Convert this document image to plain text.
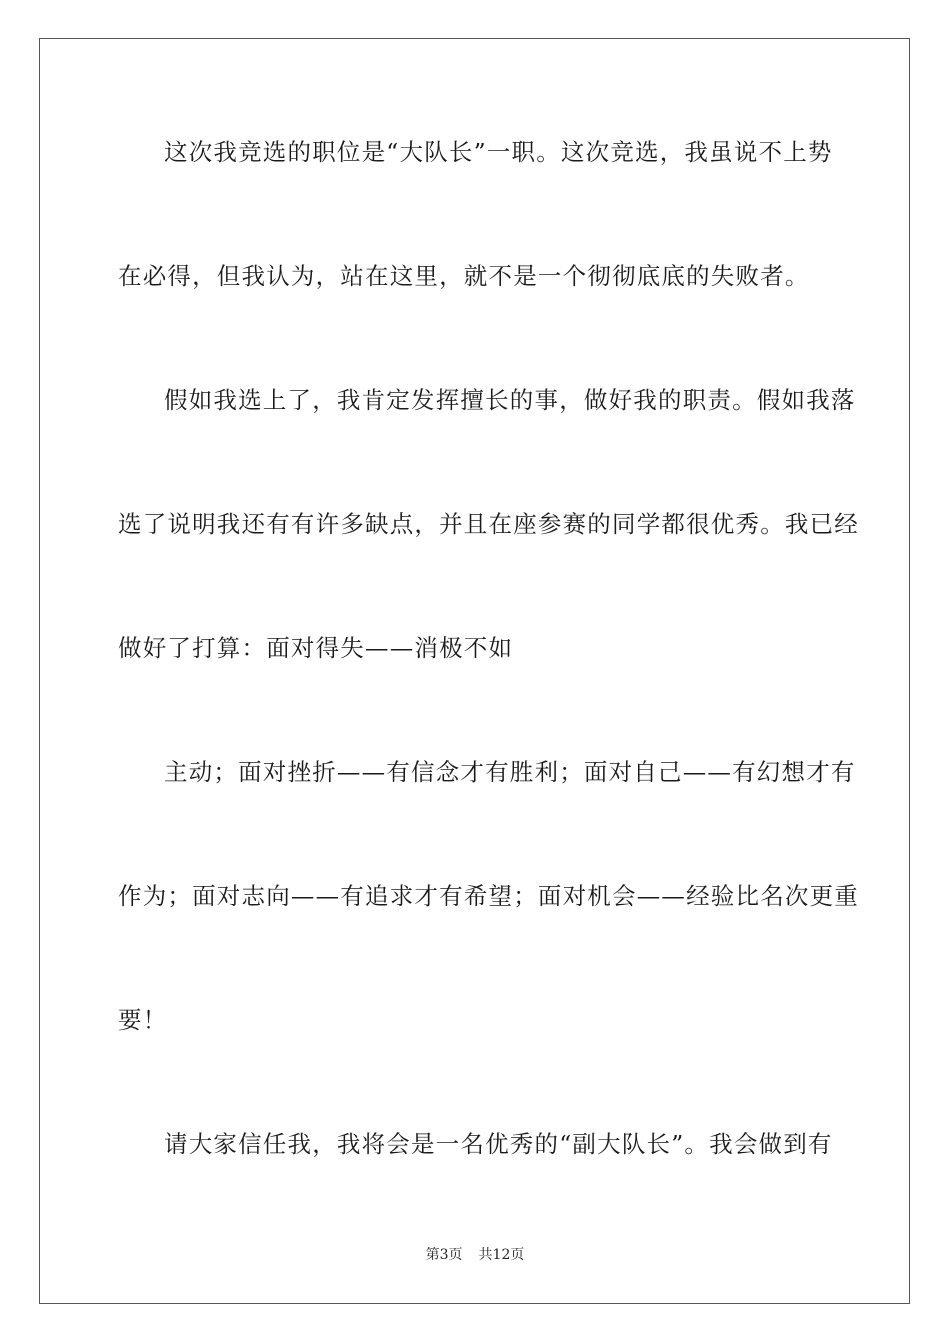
这次我竞选的职位是“大队长”一职。这次竞选，我虽说不上势
在必得，但我认为，站在这里，就不是一个彻彻底底的失败者。
假如我选上了，我肯定发挥擅长的事，做好我的职责。假如我落
选了说明我还有有许多缺点，并且在座参赛的同学都很优秀。我已经
做好了打算：面对得失——消极不如
主动；面对挫折——有信念才有胜利；面对自己——有幻想才有
作为；面对志向——有追求才有希望；面对机会——经验比名次更重
要！
请大家信任我，我将会是一名优秀的“副大队长”。我会做到有
第3页 共12页
